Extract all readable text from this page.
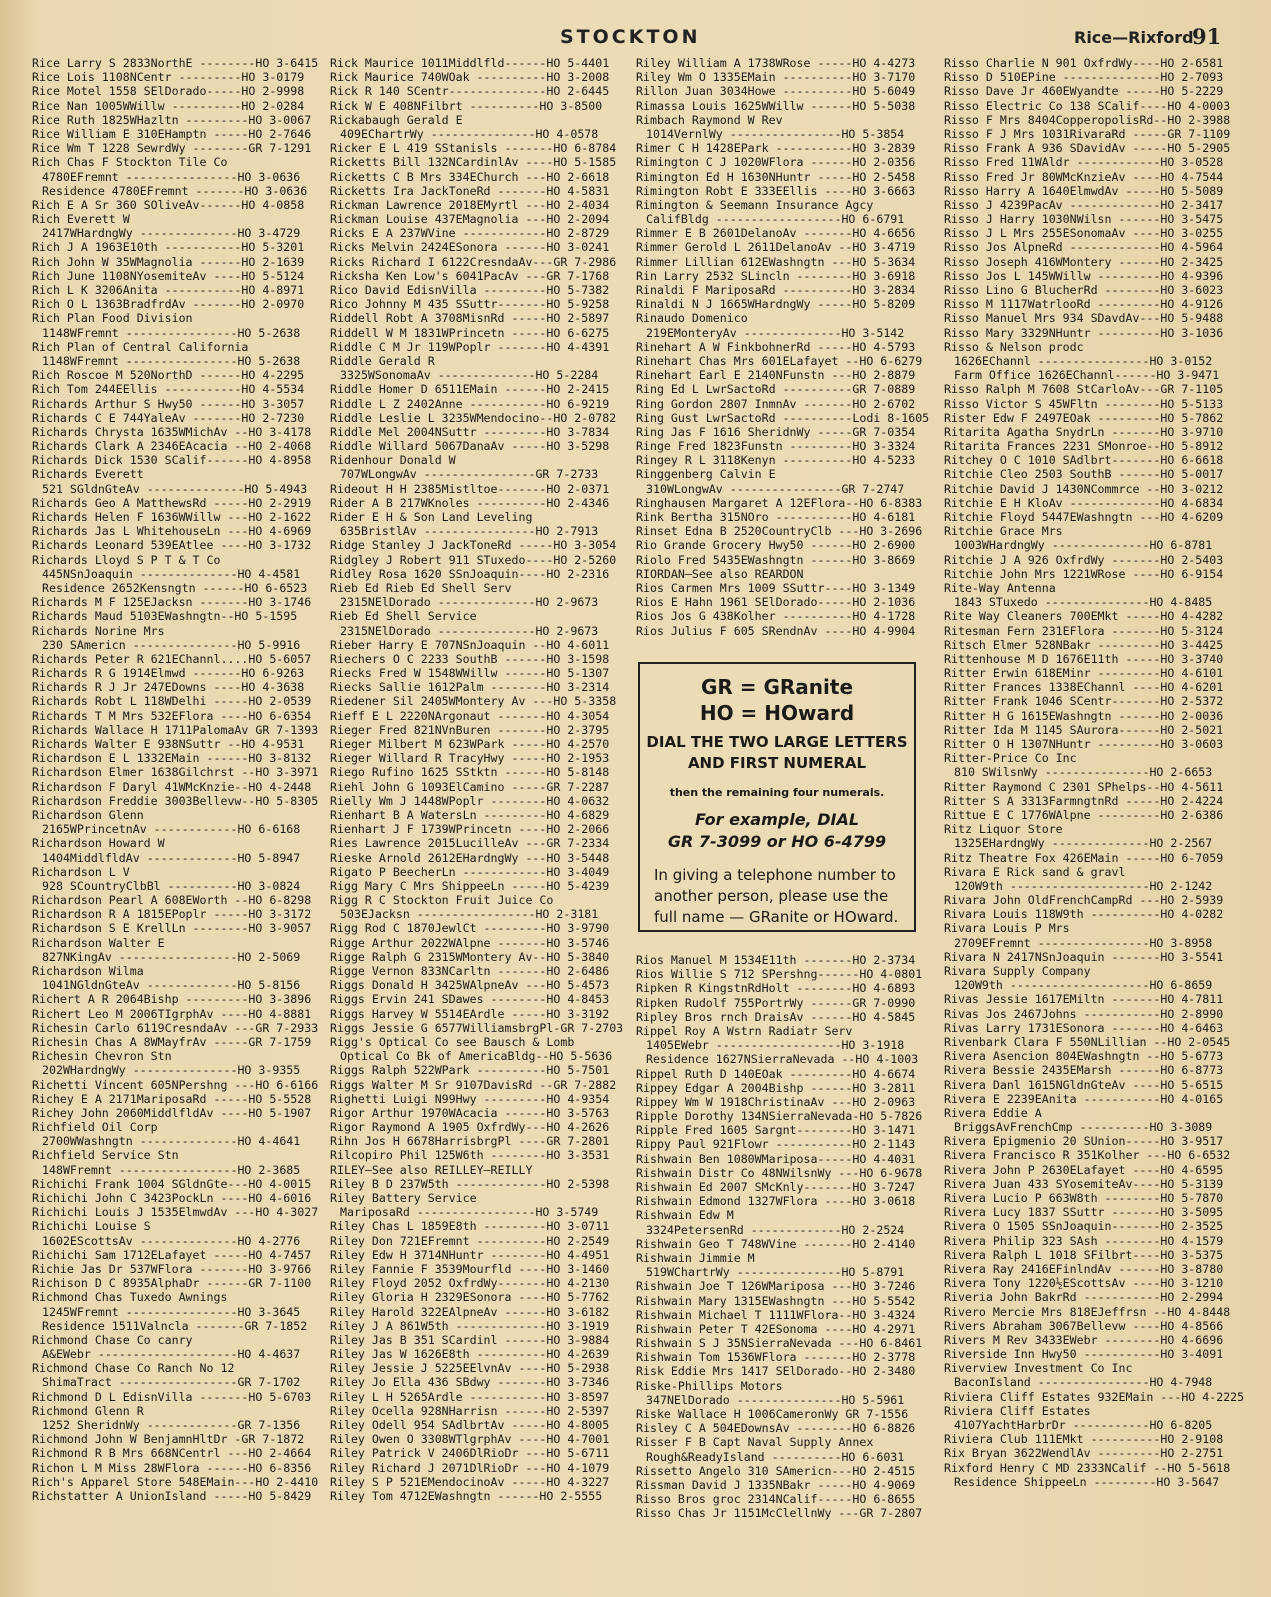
STOCKTON	Rice—Rixford
91
Rice Larry S 2833NorthE --------HO 3-6415
Rice Lois 1108NCentr ---------HO 3-0179
Rice Motel 1558 SElDorado-----HO 2-9998
Rice Nan 1005WWillw ----------HO 2-0284
Rice Ruth 1825WHazltn ---------HO 3-0067
Rice William E 310EHamptn -----HO 2-7646
Rice Wm T 1228 SewrdWy --------GR 7-1291
Rich Chas F Stockton Tile Co
4780EFremnt ----------------HO 3-0636
Residence 4780EFremnt -------HO 3-0636
Rich E A Sr 360 SOliveAv------HO 4-0858
Rich Everett W
2417WHardngWy --------------HO 3-4729
Rich J A 1963E10th -----------HO 5-3201
Rich John W 35WMagnolia ------HO 2-1639
Rich June 1108NYosemiteAv ----HO 5-5124
Rich L K 3206Anita -----------HO 4-8971
Rich O L 1363BradfrdAv -------HO 2-0970
Rich Plan Food Division
1148WFremnt ----------------HO 5-2638
Rich Plan of Central California
1148WFremnt ----------------HO 5-2638
Rich Roscoe M 520NorthD ------HO 4-2295
Rich Tom 244EEllis -----------HO 4-5534
Richards Arthur S Hwy50 ------HO 3-3057
Richards C E 744YaleAv -------HO 2-7230
Richards Chrysta 1635WMichAv --HO 3-4178
Richards Clark A 2346EAcacia --HO 2-4068
Richards Dick 1530 SCalif------HO 4-8958
Richards Everett
521 SGldnGteAv --------------HO 5-4943
Richards Geo A MatthewsRd -----HO 2-2919
Richards Helen F 1636WWillw ---HO 2-1622
Richards Jas L WhitehouseLn ---HO 4-6969
Richards Leonard 539EAtlee ----HO 3-1732
Richards Lloyd S P T & T Co
445NSnJoaquin --------------HO 4-4581
Residence 2652Kensngtn ------HO 6-6523
Richards M F 125EJacksn -------HO 3-1746
Richards Maud 5103EWashngtn--HO 5-1595
Richards Norine Mrs
230 SAmericn ---------------HO 5-9916
Richards Peter R 621EChannl....HO 5-6057
Richards R G 1914Elmwd -------HO 6-9263
Richards R J Jr 247EDowns ----HO 4-3638
Richards Robt L 118WDelhi -----HO 2-0539
Richards T M Mrs 532EFlora ----HO 6-6354
Richards Wallace H 1711PalomaAv GR 7-1393
Richards Walter E 938NSuttr --HO 4-9531
Richardson E L 1332EMain ------HO 3-8132
Richardson Elmer 1638Gilchrst --HO 3-3971
Richardson F Daryl 41WMcKnzie--HO 4-2448
Richardson Freddie 3003Bellevw--HO 5-8305
Richardson Glenn
2165WPrincetnAv ------------HO 6-6168
Richardson Howard W
1404MiddlfldAv -------------HO 5-8947
Richardson L V
928 SCountryClbBl ----------HO 3-0824
Richardson Pearl A 608EWorth --HO 6-8298
Richardson R A 1815EPoplr -----HO 3-3172
Richardson S E KrellLn --------HO 3-9057
Richardson Walter E
827NKingAv -----------------HO 2-5069
Richardson Wilma
1041NGldnGteAv -------------HO 5-8156
Richert A R 2064Bishp ---------HO 3-3896
Richert Leo M 2006TIgrphAv ----HO 4-8881
Richesin Carlo 6119CresndaAv ---GR 7-2933
Richesin Chas A 8WMayfrAv -----GR 7-1759
Richesin Chevron Stn
202WHardngWy ---------------HO 3-9355
Richetti Vincent 605NPershng ---HO 6-6166
Richey E A 2171MariposaRd -----HO 5-5528
Richey John 2060MiddlfldAv ----HO 5-1907
Richfield Oil Corp
2700WWashngtn --------------HO 4-4641
Richfield Service Stn
148WFremnt -----------------HO 2-3685
Richichi Frank 1004 SGldnGte---HO 4-0015
Richichi John C 3423PockLn ----HO 4-6016
Richichi Louis J 1535ElmwdAv ---HO 4-3027
Richichi Louise S
1602EScottsAv --------------HO 4-2776
Richichi Sam 1712ELafayet -----HO 4-7457
Richie Jas Dr 537WFlora -------HO 3-9766
Richison D C 8935AlphaDr ------GR 7-1100
Richmond Chas Tuxedo Awnings
1245WFremnt ----------------HO 3-3645
Residence 1511Valncla -------GR 7-1852
Richmond Chase Co canry
A&EWebr --------------------HO 4-4637
Richmond Chase Co Ranch No 12
ShimaTract -----------------GR 7-1702
Richmond D L EdisnVilla -------HO 5-6703
Richmond Glenn R
1252 SheridnWy -------------GR 7-1356
Richmond John W BenjamnHltDr -GR 7-1872
Richmond R B Mrs 668NCentrl ---HO 2-4664
Richon L M Miss 28WFlora ------HO 6-8356
Rich's Apparel Store 548EMain---HO 2-4410
Richstatter A UnionIsland -----HO 5-8429
Rick Maurice 1011Middlfld------HO 5-4401
Rick Maurice 740WOak ----------HO 3-2008
Rick R 140 SCentr--------------HO 2-6445
Rick W E 408NFilbrt ----------HO 3-8500
Rickabaugh Gerald E
409EChartrWy ---------------HO 4-0578
Ricker E L 419 SStanisls -------HO 6-8784
Ricketts Bill 132NCardinlAv ----HO 5-1585
Ricketts C B Mrs 334EChurch ---HO 2-6618
Ricketts Ira JackToneRd -------HO 4-5831
Rickman Lawrence 2018EMyrtl ---HO 2-4034
Rickman Louise 437EMagnolia ---HO 2-2094
Ricks E A 237WVine ------------HO 2-8729
Ricks Melvin 2424ESonora ------HO 3-0241
Ricks Richard I 6122CresndaAv---GR 7-2986
Ricksha Ken Low's 6041PacAv ---GR 7-1768
Rico David EdisnVilla ---------HO 5-7382
Rico Johnny M 435 SSuttr-------HO 5-9258
Riddell Robt A 3708MisnRd -----HO 2-5897
Riddell W M 1831WPrincetn -----HO 6-6275
Riddle C M Jr 119WPoplr -------HO 4-4391
Riddle Gerald R
3325WSonomaAv --------------HO 5-2284
Riddle Homer D 6511EMain ------HO 2-2415
Riddle L Z 2402Anne -----------HO 6-9219
Riddle Leslie L 3235WMendocino--HO 2-0782
Riddle Mel 2004NSuttr ---------HO 3-7834
Riddle Willard 5067DanaAv -----HO 3-5298
Ridenhour Donald W
707WLongwAv ----------------GR 7-2733
Rideout H H 2385Mistltoe-------HO 2-0371
Rider A B 217WKnoles ----------HO 2-4346
Rider E H & Son Land Leveling
635BristlAv ----------------HO 2-7913
Ridge Stanley J JackToneRd -----HO 3-3054
Ridgley J Robert 911 STuxedo----HO 2-5260
Ridley Rosa 1620 SSnJoaquin----HO 2-2316
Rieb Ed Rieb Ed Shell Serv
2315NElDorado --------------HO 2-9673
Rieb Ed Shell Service
2315NElDorado --------------HO 2-9673
Rieber Harry E 707NSnJoaquin --HO 4-6011
Riechers O C 2233 SouthB ------HO 3-1598
Riecks Fred W 1548WWillw ------HO 5-1307
Riecks Sallie 1612Palm --------HO 3-2314
Riedener Sil 2405WMontery Av ---HO 5-3358
Rieff E L 2220NArgonaut -------HO 4-3054
Rieger Fred 821NVnBuren -------HO 2-3795
Rieger Milbert M 623WPark -----HO 4-2570
Rieger Willard R TracyHwy -----HO 2-1953
Riego Rufino 1625 SStktn ------HO 5-8148
Riehl John G 1093ElCamino -----GR 7-2287
Rielly Wm J 1448WPoplr --------HO 4-0632
Rienhart B A WatersLn ---------HO 4-6829
Rienhart J F 1739WPrincetn ----HO 2-2066
Ries Lawrence 2015LucilleAv ---GR 7-2334
Rieske Arnold 2612EHardngWy ---HO 3-5448
Rigato P BeecherLn ------------HO 3-4049
Rigg Mary C Mrs ShippeeLn -----HO 5-4239
Rigg R C Stockton Fruit Juice Co
503EJacksn -----------------HO 2-3181
Rigg Rod C 1870JewlCt ---------HO 3-9790
Rigge Arthur 2022WAlpne -------HO 3-5746
Rigge Ralph G 2315WMontery Av--HO 5-3840
Rigge Vernon 833NCarltn -------HO 2-6486
Riggs Donald H 3425WAlpneAv ---HO 5-4573
Riggs Ervin 241 SDawes --------HO 4-8453
Riggs Harvey W 5514EArdle -----HO 3-3192
Riggs Jessie G 6577WilliamsbrgPl-GR 7-2703
Rigg's Optical Co see Bausch & Lomb
Optical Co Bk of AmericaBldg--HO 5-5636
Riggs Ralph 522WPark ----------HO 5-7501
Riggs Walter M Sr 9107DavisRd --GR 7-2882
Righetti Luigi N99Hwy ---------HO 4-9354
Rigor Arthur 1970WAcacia ------HO 3-5763
Rigor Raymond A 1905 OxfrdWy---HO 4-2626
Rihn Jos H 6678HarrisbrgPl ----GR 7-2801
Rilcopiro Phil 125W6th --------HO 3-3531
RILEY—See also REILLEY—REILLY
Riley B D 237W5th -------------HO 2-5398
Riley Battery Service
MariposaRd -----------------HO 3-5749
Riley Chas L 1859E8th ---------HO 3-0711
Riley Don 721EFremnt ----------HO 2-2549
Riley Edw H 3714NHuntr --------HO 4-4951
Riley Fannie F 3539Mourfld ----HO 3-1460
Riley Floyd 2052 OxfrdWy-------HO 4-2130
Riley Gloria H 2329ESonora ----HO 5-7762
Riley Harold 322EAlpneAv ------HO 3-6182
Riley J A 861W5th -------------HO 3-1919
Riley Jas B 351 SCardinl ------HO 3-9884
Riley Jas W 1626E8th ----------HO 4-2639
Riley Jessie J 5225EElvnAv ----HO 5-2938
Riley Jo Ella 436 SBdwy -------HO 3-7346
Riley L H 5265Ardle -----------HO 3-8597
Riley Ocella 928NHarrisn ------HO 2-5397
Riley Odell 954 SAdlbrtAv -----HO 4-8005
Riley Owen O 3308WTlgrphAv ----HO 4-7001
Riley Patrick V 2406DlRioDr ---HO 5-6711
Riley Richard J 2071DlRioDr ---HO 4-1079
Riley S P 521EMendocinoAv -----HO 4-3227
Riley Tom 4712EWashngtn ------HO 2-5555
Riley William A 1738WRose -----HO 4-4273
Riley Wm O 1335EMain ----------HO 3-7170
Rillon Juan 3034Howe ----------HO 5-6049
Rimassa Louis 1625WWillw ------HO 5-5038
Rimbach Raymond W Rev
1014VernlWy ----------------HO 5-3854
Rimer C H 1428EPark -----------HO 3-2839
Rimington C J 1020WFlora ------HO 2-0356
Rimington Ed H 1630NHuntr -----HO 2-5458
Rimington Robt E 333EEllis ----HO 3-6663
Rimington & Seemann Insurance Agcy
CalifBldg ------------------HO 6-6791
Rimmer E B 2601DelanoAv -------HO 4-6656
Rimmer Gerold L 2611DelanoAv --HO 3-4719
Rimmer Lillian 612EWashngtn ---HO 5-3634
Rin Larry 2532 SLincln --------HO 3-6918
Rinaldi F MariposaRd ----------HO 3-2834
Rinaldi N J 1665WHardngWy -----HO 5-8209
Rinaudo Domenico
219EMonteryAv --------------HO 3-5142
Rinehart A W FinkbohnerRd -----HO 4-5793
Rinehart Chas Mrs 601ELafayet --HO 6-6279
Rinehart Earl E 2140NFunstn ---HO 2-8879
Ring Ed L LwrSactoRd ----------GR 7-0889
Ring Gordon 2807 InmnAv -------HO 2-6702
Ring Gust LwrSactoRd ----------Lodi 8-1605
Ring Jas F 1616 SheridnWy -----GR 7-0354
Ringe Fred 1823Funstn ---------HO 3-3324
Ringey R L 3118Kenyn ----------HO 4-5233
Ringgenberg Calvin E
310WLongwAv ----------------GR 7-2747
Ringhausen Margaret A 12EFlora--HO 6-8383
Rink Bertha 315NOro -----------HO 4-6181
Rinset Edna B 2520CountryClb ---HO 3-2696
Rio Grande Grocery Hwy50 ------HO 2-6900
Riolo Fred 5435EWashngtn ------HO 3-8669
RIORDAN—See also REARDON
Rios Carmen Mrs 1009 SSuttr----HO 3-1349
Rios E Hahn 1961 SElDorado-----HO 2-1036
Rios Jos G 438Kolher ----------HO 4-1728
Rios Julius F 605 SRendnAv ----HO 4-9904
Rios Manuel M 1534E11th -------HO 2-3734
Rios Willie S 712 SPershng------HO 4-0801
Ripken R KingstnRdHolt --------HO 4-6893
Ripken Rudolf 755PortrWy ------GR 7-0990
Ripley Bros rnch DraisAv ------HO 4-5845
Rippel Roy A Wstrn Radiatr Serv
1405EWebr ------------------HO 3-1918
Residence 1627NSierraNevada --HO 4-1003
Rippel Ruth D 140EOak ---------HO 4-6674
Rippey Edgar A 2004Bishp ------HO 3-2811
Rippey Wm W 1918ChristinaAv ---HO 2-0963
Ripple Dorothy 134NSierraNevada-HO 5-7826
Ripple Fred 1605 Sargnt--------HO 3-1471
Rippy Paul 921Flowr -----------HO 2-1143
Rishwain Ben 1080WMariposa-----HO 4-4031
Rishwain Distr Co 48NWilsnWy ---HO 6-9678
Rishwain Ed 2007 SMcKnly-------HO 3-7247
Rishwain Edmond 1327WFlora ----HO 3-0618
Rishwain Edw M
3324PetersenRd -------------HO 2-2524
Rishwain Geo T 748WVine -------HO 2-4140
Rishwain Jimmie M
519WChartrWy ---------------HO 5-8791
Rishwain Joe T 126WMariposa ---HO 3-7246
Rishwain Mary 1315EWashngtn ---HO 5-5542
Rishwain Michael T 1111WFlora--HO 3-4324
Rishwain Peter T 42ESonoma ----HO 4-2971
Rishwain S J 35NSierraNevada ---HO 6-8461
Rishwain Tom 1536WFlora -------HO 2-3778
Risk Eddie Mrs 1417 SElDorado--HO 2-3480
Riske-Phillips Motors
347NElDorado ---------------HO 5-5961
Riske Wallace H 1006CameronWy GR 7-1556
Risley C A 504EDownsAv --------HO 6-8826
Risser F B Capt Naval Supply Annex
Rough&ReadyIsland ----------HO 6-6031
Rissetto Angelo 310 SAmericn---HO 2-4515
Rissman David J 1335NBakr -----HO 4-9069
Risso Bros groc 2314NCalif-----HO 6-8655
Risso Chas Jr 1151McClellnWy ---GR 7-2807
Risso Charlie N 901 OxfrdWy----HO 2-6581
Risso D 510EPine --------------HO 2-7093
Risso Dave Jr 460EWyandte -----HO 5-2229
Risso Electric Co 138 SCalif----HO 4-0003
Risso F Mrs 8404CopperopolisRd--HO 2-3988
Risso F J Mrs 1031RivaraRd -----GR 7-1109
Risso Frank A 936 SDavidAv -----HO 5-2905
Risso Fred 11WAldr ------------HO 3-0528
Risso Fred Jr 80WMcKnzieAv ----HO 4-7544
Risso Harry A 1640ElmwdAv -----HO 5-5089
Risso J 4239PacAv -------------HO 2-3417
Risso J Harry 1030NWilsn ------HO 3-5475
Risso J L Mrs 255ESonomaAv ----HO 3-0255
Risso Jos AlpneRd -------------HO 4-5964
Risso Joseph 416WMontery ------HO 2-3425
Risso Jos L 145WWillw ---------HO 4-9396
Risso Lino G BlucherRd --------HO 3-6023
Risso M 1117WatrlooRd ---------HO 4-9126
Risso Manuel Mrs 934 SDavdAv---HO 5-9488
Risso Mary 3329NHuntr ---------HO 3-1036
Risso & Nelson prodc
1626EChannl ----------------HO 3-0152
Farm Office 1626EChannl------HO 3-9471
Risso Ralph M 7608 StCarloAv---GR 7-1105
Risso Victor S 45WFltn --------HO 5-5133
Rister Edw F 2497EOak ---------HO 5-7862
Ritarita Agatha SnydrLn -------HO 3-9710
Ritarita Frances 2231 SMonroe--HO 5-8912
Ritchey O C 1010 SAdlbrt-------HO 6-6618
Ritchie Cleo 2503 SouthB ------HO 5-0017
Ritchie David J 1430NCommrce --HO 3-0212
Ritchie E H KloAv -------------HO 4-6834
Ritchie Floyd 5447EWashngtn ---HO 4-6209
Ritchie Grace Mrs
1003WHardngWy --------------HO 6-8781
Ritchie J A 926 OxfrdWy -------HO 2-5403
Ritchie John Mrs 1221WRose ----HO 6-9154
Rite-Way Antenna
1843 STuxedo ---------------HO 4-8485
Rite Way Cleaners 700EMkt -----HO 4-4282
Ritesman Fern 231EFlora -------HO 5-3124
Ritsch Elmer 528NBakr ---------HO 3-4425
Rittenhouse M D 1676E11th -----HO 3-3740
Ritter Erwin 618EMinr ---------HO 4-6101
Ritter Frances 1338EChannl ----HO 4-6201
Ritter Frank 1046 SCentr-------HO 2-5372
Ritter H G 1615EWashngtn ------HO 2-0036
Ritter Ida M 1145 SAurora------HO 2-5021
Ritter O H 1307NHuntr ---------HO 3-0603
Ritter-Price Co Inc
810 SWilsnWy ---------------HO 2-6653
Ritter Raymond C 2301 SPhelps--HO 4-5611
Ritter S A 3313FarmngtnRd -----HO 2-4224
Rittue E C 1776WAlpne ---------HO 2-6386
Ritz Liquor Store
1325EHardngWy --------------HO 2-2567
Ritz Theatre Fox 426EMain -----HO 6-7059
Rivara E Rick sand & gravl
120W9th --------------------HO 2-1242
Rivara John OldFrenchCampRd ---HO 2-5939
Rivara Louis 118W9th ----------HO 4-0282
Rivara Louis P Mrs
2709EFremnt ----------------HO 3-8958
Rivara N 2417NSnJoaquin -------HO 3-5541
Rivara Supply Company
120W9th --------------------HO 6-8659
Rivas Jessie 1617EMiltn -------HO 4-7811
Rivas Jos 2467Johns -----------HO 2-8990
Rivas Larry 1731ESonora -------HO 4-6463
Rivenbark Clara F 550NLillian --HO 2-0545
Rivera Asencion 804EWashngtn --HO 5-6773
Rivera Bessie 2435EMarsh ------HO 6-8773
Rivera Danl 1615NGldnGteAv ----HO 5-6515
Rivera E 2239EAnita -----------HO 4-0165
Rivera Eddie A
BriggsAvFrenchCmp ----------HO 3-3089
Rivera Epigmenio 20 SUnion-----HO 3-9517
Rivera Francisco R 351Kolher ---HO 6-6532
Rivera John P 2630ELafayet ----HO 4-6595
Rivera Juan 433 SYosemiteAv----HO 5-3139
Rivera Lucio P 663W8th --------HO 5-7870
Rivera Lucy 1837 SSuttr -------HO 3-5095
Rivera O 1505 SSnJoaquin-------HO 2-3525
Rivera Philip 323 SAsh --------HO 4-1579
Rivera Ralph L 1018 SFilbrt----HO 3-5375
Rivera Ray 2416EFinlndAv ------HO 3-8780
Rivera Tony 1220½EScottsAv ----HO 3-1210
Riveria John BakrRd -----------HO 2-2994
Rivero Mercie Mrs 818EJeffrsn --HO 4-8448
Rivers Abraham 3067Bellevw ----HO 4-8566
Rivers M Rev 3433EWebr --------HO 4-6696
Riverside Inn Hwy50 -----------HO 3-4091
Riverview Investment Co Inc
BaconIsland ----------------HO 4-7948
Riviera Cliff Estates 932EMain ---HO 4-2225
Riviera Cliff Estates
4107YachtHarbrDr -----------HO 6-8205
Riviera Club 111EMkt ----------HO 2-9108
Rix Bryan 3622WendlAv ---------HO 2-2751
Rixford Henry C MD 2333NCalif --HO 5-5618
Residence ShippeeLn ---------HO 3-5647
GR = GRanite
HO = HOward
DIAL THE TWO LARGE LETTERS
AND FIRST NUMERAL
then the remaining four numerals.
For example, DIAL
GR 7-3099 or HO 6-4799
In giving a telephone number to another person, please use the full name — GRanite or HOward.
